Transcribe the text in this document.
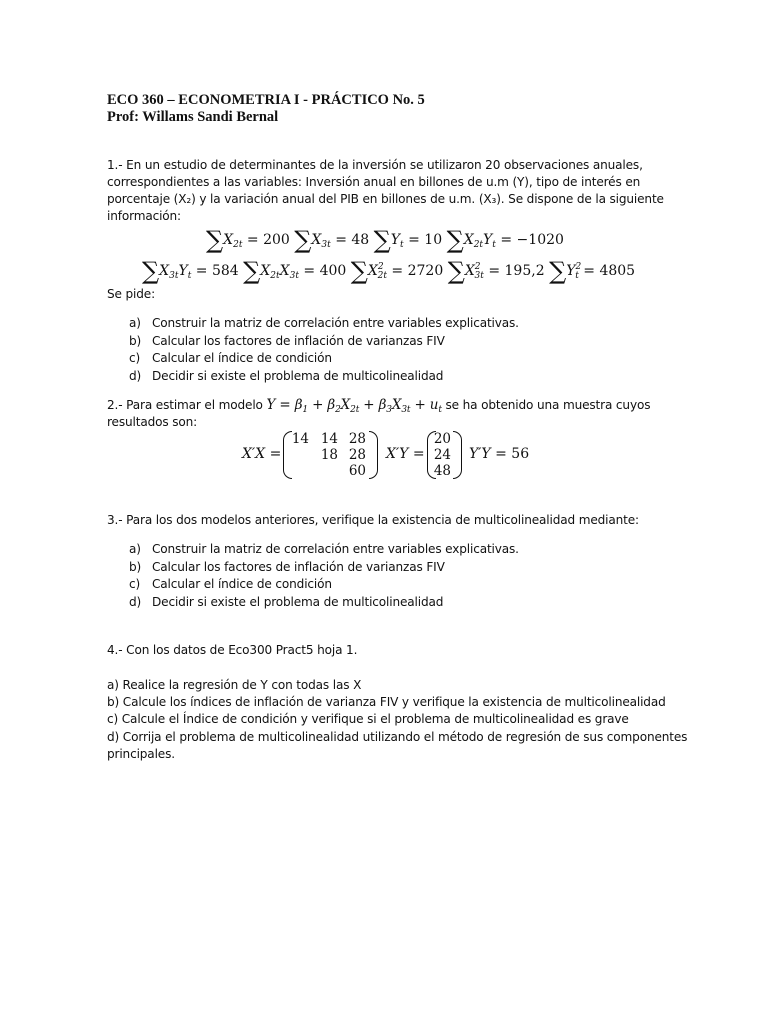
ECO 360 – ECONOMETRIA I - PRÁCTICO No. 5
Prof: Willams Sandi Bernal
1.- En un estudio de determinantes de la inversión se utilizaron 20 observaciones anuales,
correspondientes a las variables: Inversión anual en billones de u.m (Y), tipo de interés en
porcentaje (X₂) y la variación anual del PIB en billones de u.m. (X₃). Se dispone de la siguiente
información:
$\sum X_{2t} = 200$ $\sum X_{3t} = 48$ $\sum Y_t = 10$ $\sum X_{2t}Y_t = -1020$
$\sum X_{3t}Y_t = 584$ $\sum X_{2t}X_{3t} = 400$ $\sum X^2_{2t} = 2720$ $\sum X^2_{3t} = 195,2$ $\sum Y^2_t = 4805$
Se pide:
a) Construir la matriz de correlación entre variables explicativas.
b) Calcular los factores de inflación de varianzas FIV
c) Calcular el índice de condición
d) Decidir si existe el problema de multicolinealidad
2.- Para estimar el modelo $Y = \beta_1 + \beta_2X_{2t} + \beta_3X_{3t} + u_t$ se ha obtenido una muestra cuyos
resultados son:
X′X =
14 14 28
18 28
60
X′Y =
20
24
48
Y′Y = 56
3.- Para los dos modelos anteriores, verifique la existencia de multicolinealidad mediante:
a) Construir la matriz de correlación entre variables explicativas.
b) Calcular los factores de inflación de varianzas FIV
c) Calcular el índice de condición
d) Decidir si existe el problema de multicolinealidad
4.- Con los datos de Eco300 Pract5 hoja 1.
a) Realice la regresión de Y con todas las X
b) Calcule los índices de inflación de varianza FIV y verifique la existencia de multicolinealidad
c) Calcule el Índice de condición y verifique si el problema de multicolinealidad es grave
d) Corrija el problema de multicolinealidad utilizando el método de regresión de sus componentes
principales.
